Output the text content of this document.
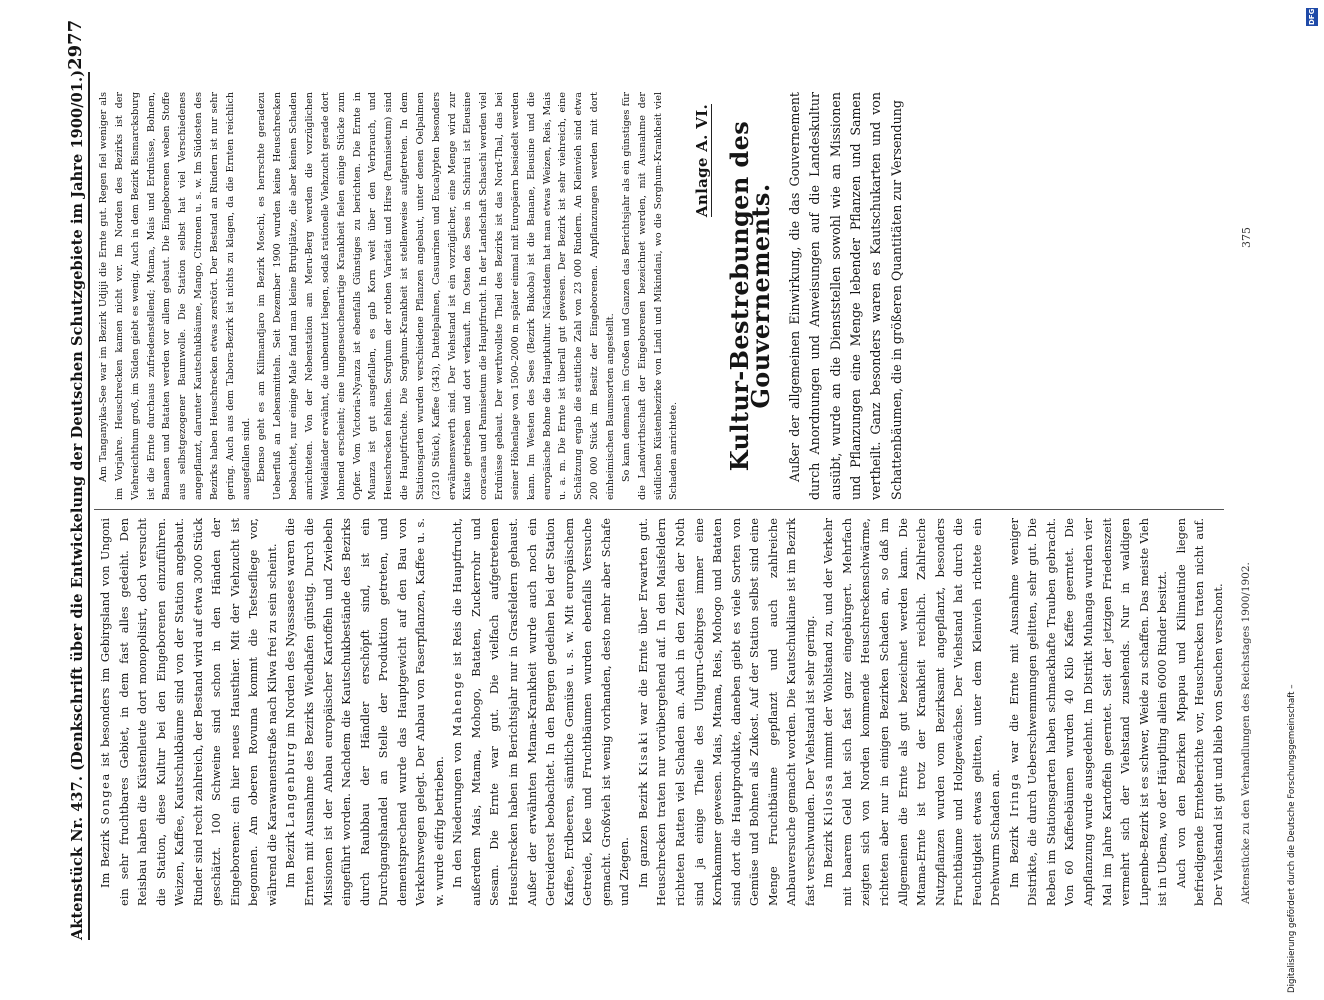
Aktenstück Nr. 437. (Denkschrift über die Entwickelung der Deutschen Schutzgebiete im Jahre 1900/01.)
2977

Im Bezirk Songea ist besonders im Gebirgsland von Ungoni ein sehr fruchtbares Gebiet, in dem fast alles gedeiht. Den Reisbau haben die Küstenleute dort monopolisirt, doch versucht die Station, diese Kultur bei den Eingeborenen einzuführen. Weizen, Kaffee, Kautschukbäume sind von der Station angebaut. Rinder sind recht zahlreich, der Bestand wird auf etwa 3000 Stück geschätzt. 100 Schweine sind schon in den Händen der Eingeborenen: ein hier neues Hausthier. Mit der Viehzucht ist begonnen. Am oberen Rovuma kommt die Tsetsefliege vor, während die Karawanenstraße nach Kilwa frei zu sein scheint. Im Bezirk Langenburg im Norden des Nyassasees waren die Ernten mit Ausnahme des Bezirks Wiedhafen günstig. Durch die Missionen ist der Anbau europäischer Kartoffeln und Zwiebeln eingeführt worden. Nachdem die Kautschukbestände des Bezirks durch Raubbau der Händler erschöpft sind, ist ein Durchgangshandel an Stelle der Produktion getreten, und dementsprechend wurde das Hauptgewicht auf den Bau von Verkehrswegen gelegt. Der Anbau von Faserpflanzen, Kaffee u. s. w. wurde eifrig betrieben. In den Niederungen von Mahenge ist Reis die Hauptfrucht, außerdem Mais, Mtama, Mohogo, Bataten, Zuckerrohr und Sesam. Die Ernte war gut. Die vielfach aufgetretenen Heuschrecken haben im Berichtsjahr nur in Grasfeldern gehaust. Außer der erwähnten Mtama-Krankheit wurde auch noch ein Getreiderost beobachtet. In den Bergen gedeihen bei der Station Kaffee, Erdbeeren, sämtliche Gemüse u. s. w. Mit europäischem Getreide, Klee und Fruchtbäumen wurden ebenfalls Versuche gemacht. Großvieh ist wenig vorhanden, desto mehr aber Schafe und Ziegen. Im ganzen Bezirk Kisaki war die Ernte über Erwarten gut. Heuschrecken traten nur vorübergehend auf. In den Maisfeldern richteten Ratten viel Schaden an. Auch in den Zeiten der Noth sind ja einige Theile des Uluguru-Gebirges immer eine Kornkammer gewesen. Mais, Mtama, Reis, Mohogo und Bataten sind dort die Hauptprodukte, daneben giebt es viele Sorten von Gemüse und Bohnen als Zukost. Auf der Station selbst sind eine Menge Fruchtbäume gepflanzt und auch zahlreiche Anbauversuche gemacht worden. Die Kautschukliane ist im Bezirk fast verschwunden. Der Viehstand ist sehr gering. Im Bezirk Kilossa nimmt der Wohlstand zu, und der Verkehr mit baarem Geld hat sich fast ganz eingebürgert. Mehrfach zeigten sich von Norden kommende Heuschreckenschwärme, richteten aber nur in einigen Bezirken Schaden an, so daß im Allgemeinen die Ernte als gut bezeichnet werden kann. Die Mtama-Ernte ist trotz der Krankheit reichlich. Zahlreiche Nutzpflanzen wurden vom Bezirksamt angepflanzt, besonders Fruchtbäume und Holzgewächse. Der Viehstand hat durch die Feuchtigkeit etwas gelitten, unter dem Kleinvieh richtete ein Drehwurm Schaden an. Im Bezirk Iringa war die Ernte mit Ausnahme weniger Distrikte, die durch Ueberschwemmungen gelitten, sehr gut. Die Reben im Stationsgarten haben schmackhafte Trauben gebracht. Von 60 Kaffeebäumen wurden 40 Kilo Kaffee geerntet. Die Anpflanzung wurde ausgedehnt. Im Distrikt Muhanga wurden vier Mal im Jahre Kartoffeln geerntet. Seit der jetzigen Friedenszeit vermehrt sich der Viehstand zusehends. Nur in waldigen Lupembe-Bezirk ist es schwer, Weide zu schaffen. Das meiste Vieh ist in Ubena, wo der Häuptling allein 6000 Rinder besitzt. Auch von den Bezirken Mpapua und Kilimatinde liegen befriedigende Ernteberichte vor, Heuschrecken traten nicht auf. Der Viehstand ist gut und blieb von Seuchen verschont. Aktenstücke zu den Verhandlungen des Reichstages 1900/1902.

Am Tanganyika-See war im Bezirk Udjiji die Ernte gut. Regen fiel weniger als im Vorjahre. Heuschrecken kamen nicht vor. Im Norden des Bezirks ist der Viehreichthum groß, im Süden giebt es wenig. Auch in dem Bezirk Bismarcksburg ist die Ernte durchaus zufriedenstellend; Mtama, Mais und Erdnüsse, Bohnen, Bananen und Bataten werden vor allem gebaut. Die Eingeborenen weben Stoffe aus selbstgezogener Baumwolle. Die Station selbst hat viel Verschiedenes angepflanzt, darunter Kautschukbäume, Mango, Citronen u. s. w. Im Südosten des Bezirks haben Heuschrecken etwas zerstört. Der Bestand an Rindern ist nur sehr gering. Auch aus dem Tabora-Bezirk ist nichts zu klagen, da die Ernten reichlich ausgefallen sind. Ebenso geht es am Kilimandjaro im Bezirk Moschi, es herrschte geradezu Ueberfluß an Lebensmitteln. Seit Dezember 1900 wurden keine Heuschrecken beobachtet, nur einige Male fand man kleine Brutplätze, die aber keinen Schaden anrichteten. Von der Nebenstation am Meru-Berg werden die vorzüglichen Weideländer erwähnt, die unbenutzt liegen, sodaß rationelle Viehzucht gerade dort lohnend erscheint; eine lungenseuchenartige Krankheit fielen einige Stücke zum Opfer. Vom Victoria-Nyanza ist ebenfalls Günstiges zu berichten. Die Ernte in Muanza ist gut ausgefallen, es gab Korn weit über den Verbrauch, und Heuschrecken fehlten. Sorghum der rothen Varietät und Hirse (Pannisetum) sind die Hauptfrüchte. Die Sorghum-Krankheit ist stellenweise aufgetreten. In dem Stationsgarten wurden verschiedene Pflanzen angebaut, unter denen Oelpalmen (2310 Stück), Kaffee (343), Dattelpalmen, Casuarinen und Eucalypten besonders erwähnenswerth sind. Der Viehstand ist ein vorzüglicher, eine Menge wird zur Küste getrieben und dort verkauft. Im Osten des Sees in Schirati ist Eleusine coracana und Pannisetum die Hauptfrucht. In der Landschaft Schaschi werden viel Erdnüsse gebaut. Der werthvollste Theil des Bezirks ist das Nord-Thal, das bei seiner Höhenlage von 1500–2000 m später einmal mit Europäern besiedelt werden kann. Im Westen des Sees (Bezirk Bukoba) ist die Banane, Eleusine und die europäische Bohne die Hauptkultur. Nächstdem hat man etwas Weizen, Reis, Mais u. a. m. Die Ernte ist überall gut gewesen. Der Bezirk ist sehr viehreich, eine Schätzung ergab die stattliche Zahl von 23 000 Rindern. An Kleinvieh sind etwa 200 000 Stück im Besitz der Eingeborenen. Anpflanzungen werden mit dort einheimischen Baumsorten angestellt. So kann demnach im Großen und Ganzen das Berichtsjahr als ein günstiges für die Landwirthschaft der Eingeborenen bezeichnet werden, mit Ausnahme der südlichen Küstenbezirke von Lindi und Mikindani, wo die Sorghum-Krankheit viel Schaden anrichtete.

Anlage A. VI. Kultur-Bestrebungen des Gouvernements. Außer der allgemeinen Einwirkung, die das Gouvernement durch Anordnungen und Anweisungen auf die Landeskultur ausübt, wurde an die Dienststellen sowohl wie an Missionen und Pflanzungen eine Menge lebender Pflanzen und Samen vertheilt. Ganz besonders waren es Kautschukarten und von Schattenbäumen, die in größeren Quantitäten zur Versendung	375
Digitalisierung gefördert durch die Deutsche Forschungsgemeinschaft –
DFG
